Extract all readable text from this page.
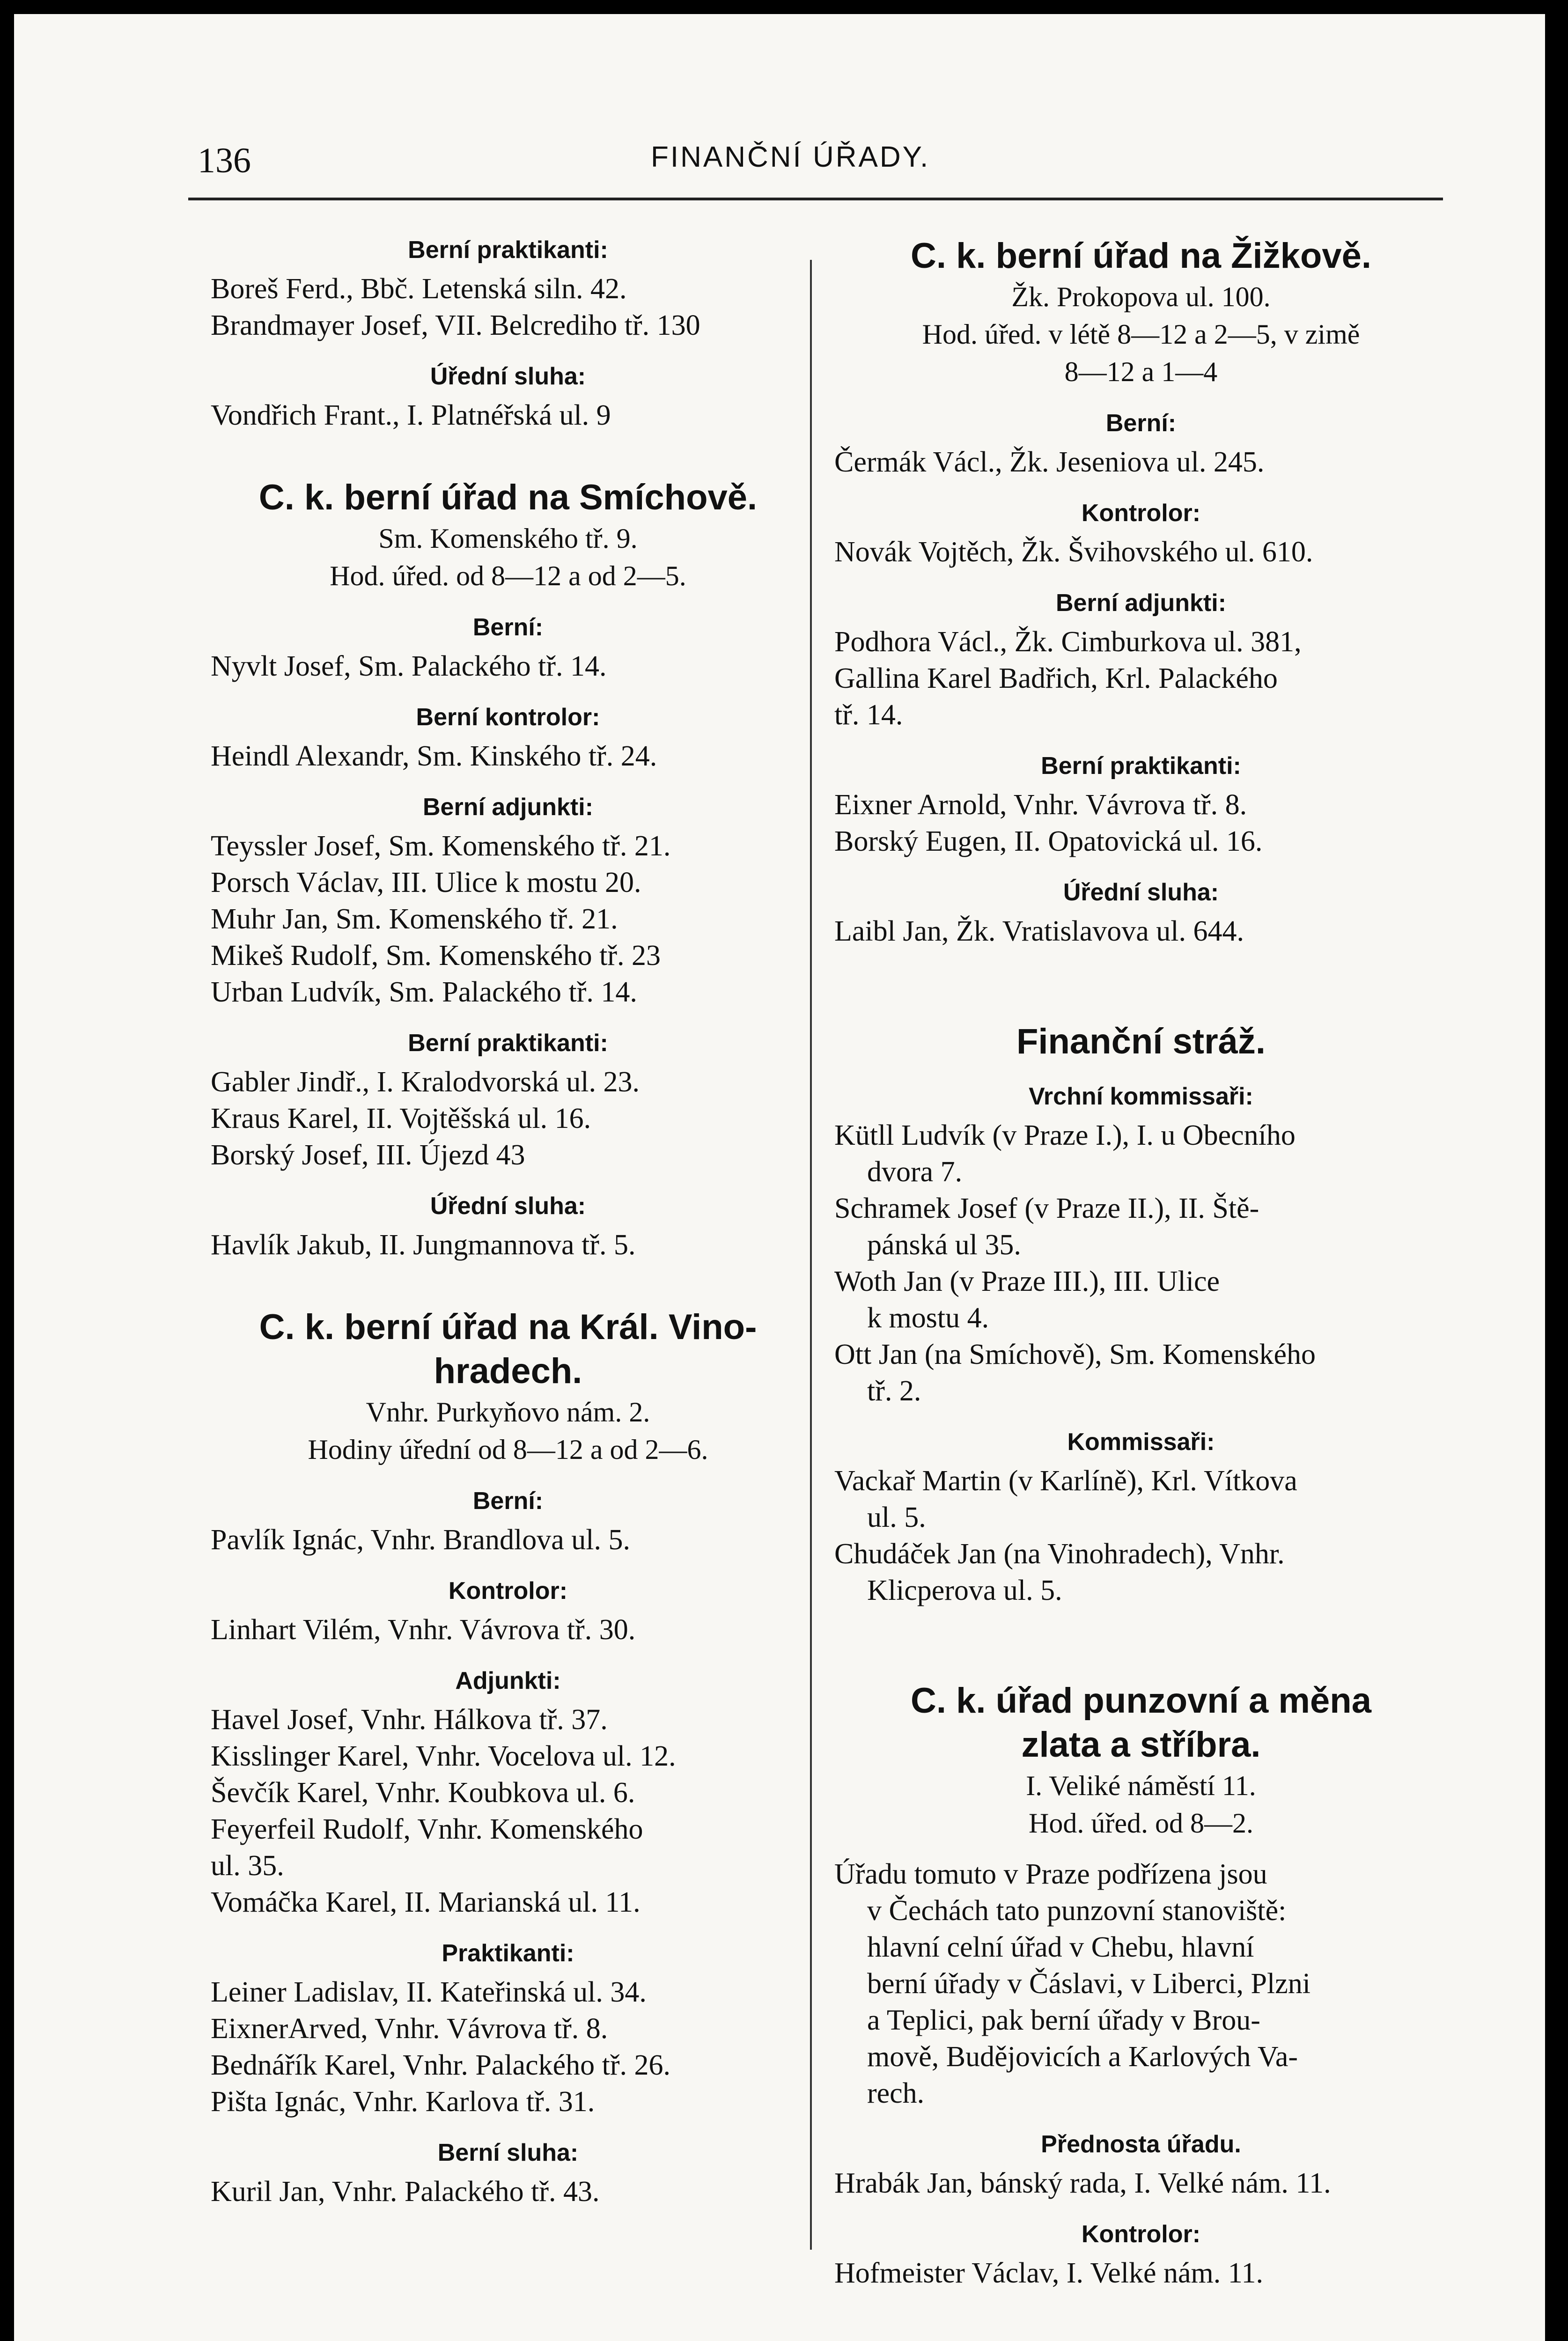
136	FINANČNÍ ÚŘADY.
Berní praktikanti:
Boreš Ferd., Bbč. Letenská siln. 42.
Brandmayer Josef, VII. Belcrediho tř. 130
Úřední sluha:
Vondřich Frant., I. Platnéřská ul. 9
C. k. berní úřad na Smíchově.
Sm. Komenského tř. 9.
Hod. úřed. od 8—12 a od 2—5.
Berní:
Nyvlt Josef, Sm. Palackého tř. 14.
Berní kontrolor:
Heindl Alexandr, Sm. Kinského tř. 24.
Berní adjunkti:
Teyssler Josef, Sm. Komenského tř. 21.
Porsch Václav, III. Ulice k mostu 20.
Muhr Jan, Sm. Komenského tř. 21.
Mikeš Rudolf, Sm. Komenského tř. 23
Urban Ludvík, Sm. Palackého tř. 14.
Berní praktikanti:
Gabler Jindř., I. Kralodvorská ul. 23.
Kraus Karel, II. Vojtěšská ul. 16.
Borský Josef, III. Újezd 43
Úřední sluha:
Havlík Jakub, II. Jungmannova tř. 5.
C. k. berní úřad na Král. Vino-
hradech.
Vnhr. Purkyňovo nám. 2.
Hodiny úřední od 8—12 a od 2—6.
Berní:
Pavlík Ignác, Vnhr. Brandlova ul. 5.
Kontrolor:
Linhart Vilém, Vnhr. Vávrova tř. 30.
Adjunkti:
Havel Josef, Vnhr. Hálkova tř. 37.
Kisslinger Karel, Vnhr. Vocelova ul. 12.
Ševčík Karel, Vnhr. Koubkova ul. 6.
Feyerfeil Rudolf, Vnhr. Komenského
ul. 35.
Vomáčka Karel, II. Marianská ul. 11.
Praktikanti:
Leiner Ladislav, II. Kateřinská ul. 34.
EixnerArved, Vnhr. Vávrova tř. 8.
Bednářík Karel, Vnhr. Palackého tř. 26.
Pišta Ignác, Vnhr. Karlova tř. 31.
Berní sluha:
Kuril Jan, Vnhr. Palackého tř. 43.
C. k. berní úřad na Žižkově.
Žk. Prokopova ul. 100.
Hod. úřed. v létě 8—12 a 2—5, v zimě
8—12 a 1—4
Berní:
Čermák Václ., Žk. Jeseniova ul. 245.
Kontrolor:
Novák Vojtěch, Žk. Švihovského ul. 610.
Berní adjunkti:
Podhora Václ., Žk. Cimburkova ul. 381,
Gallina Karel Badřich, Krl. Palackého
tř. 14.
Berní praktikanti:
Eixner Arnold, Vnhr. Vávrova tř. 8.
Borský Eugen, II. Opatovická ul. 16.
Úřední sluha:
Laibl Jan, Žk. Vratislavova ul. 644.
Finanční stráž.
Vrchní kommissaři:
Kütll Ludvík (v Praze I.), I. u Obecního
dvora 7.
Schramek Josef (v Praze II.), II. Ště-
pánská ul 35.
Woth Jan (v Praze III.), III. Ulice
k mostu 4.
Ott Jan (na Smíchově), Sm. Komenského
tř. 2.
Kommissaři:
Vackař Martin (v Karlíně), Krl. Vítkova
ul. 5.
Chudáček Jan (na Vinohradech), Vnhr.
Klicperova ul. 5.
C. k. úřad punzovní a měna
zlata a stříbra.
I. Veliké náměstí 11.
Hod. úřed. od 8—2.
Úřadu tomuto v Praze podřízena jsou
v Čechách tato punzovní stanoviště:
hlavní celní úřad v Chebu, hlavní
berní úřady v Čáslavi, v Liberci, Plzni
a Teplici, pak berní úřady v Brou-
mově, Budějovicích a Karlových Va-
rech.
Přednosta úřadu.
Hrabák Jan, bánský rada, I. Velké nám. 11.
Kontrolor:
Hofmeister Václav, I. Velké nám. 11.
